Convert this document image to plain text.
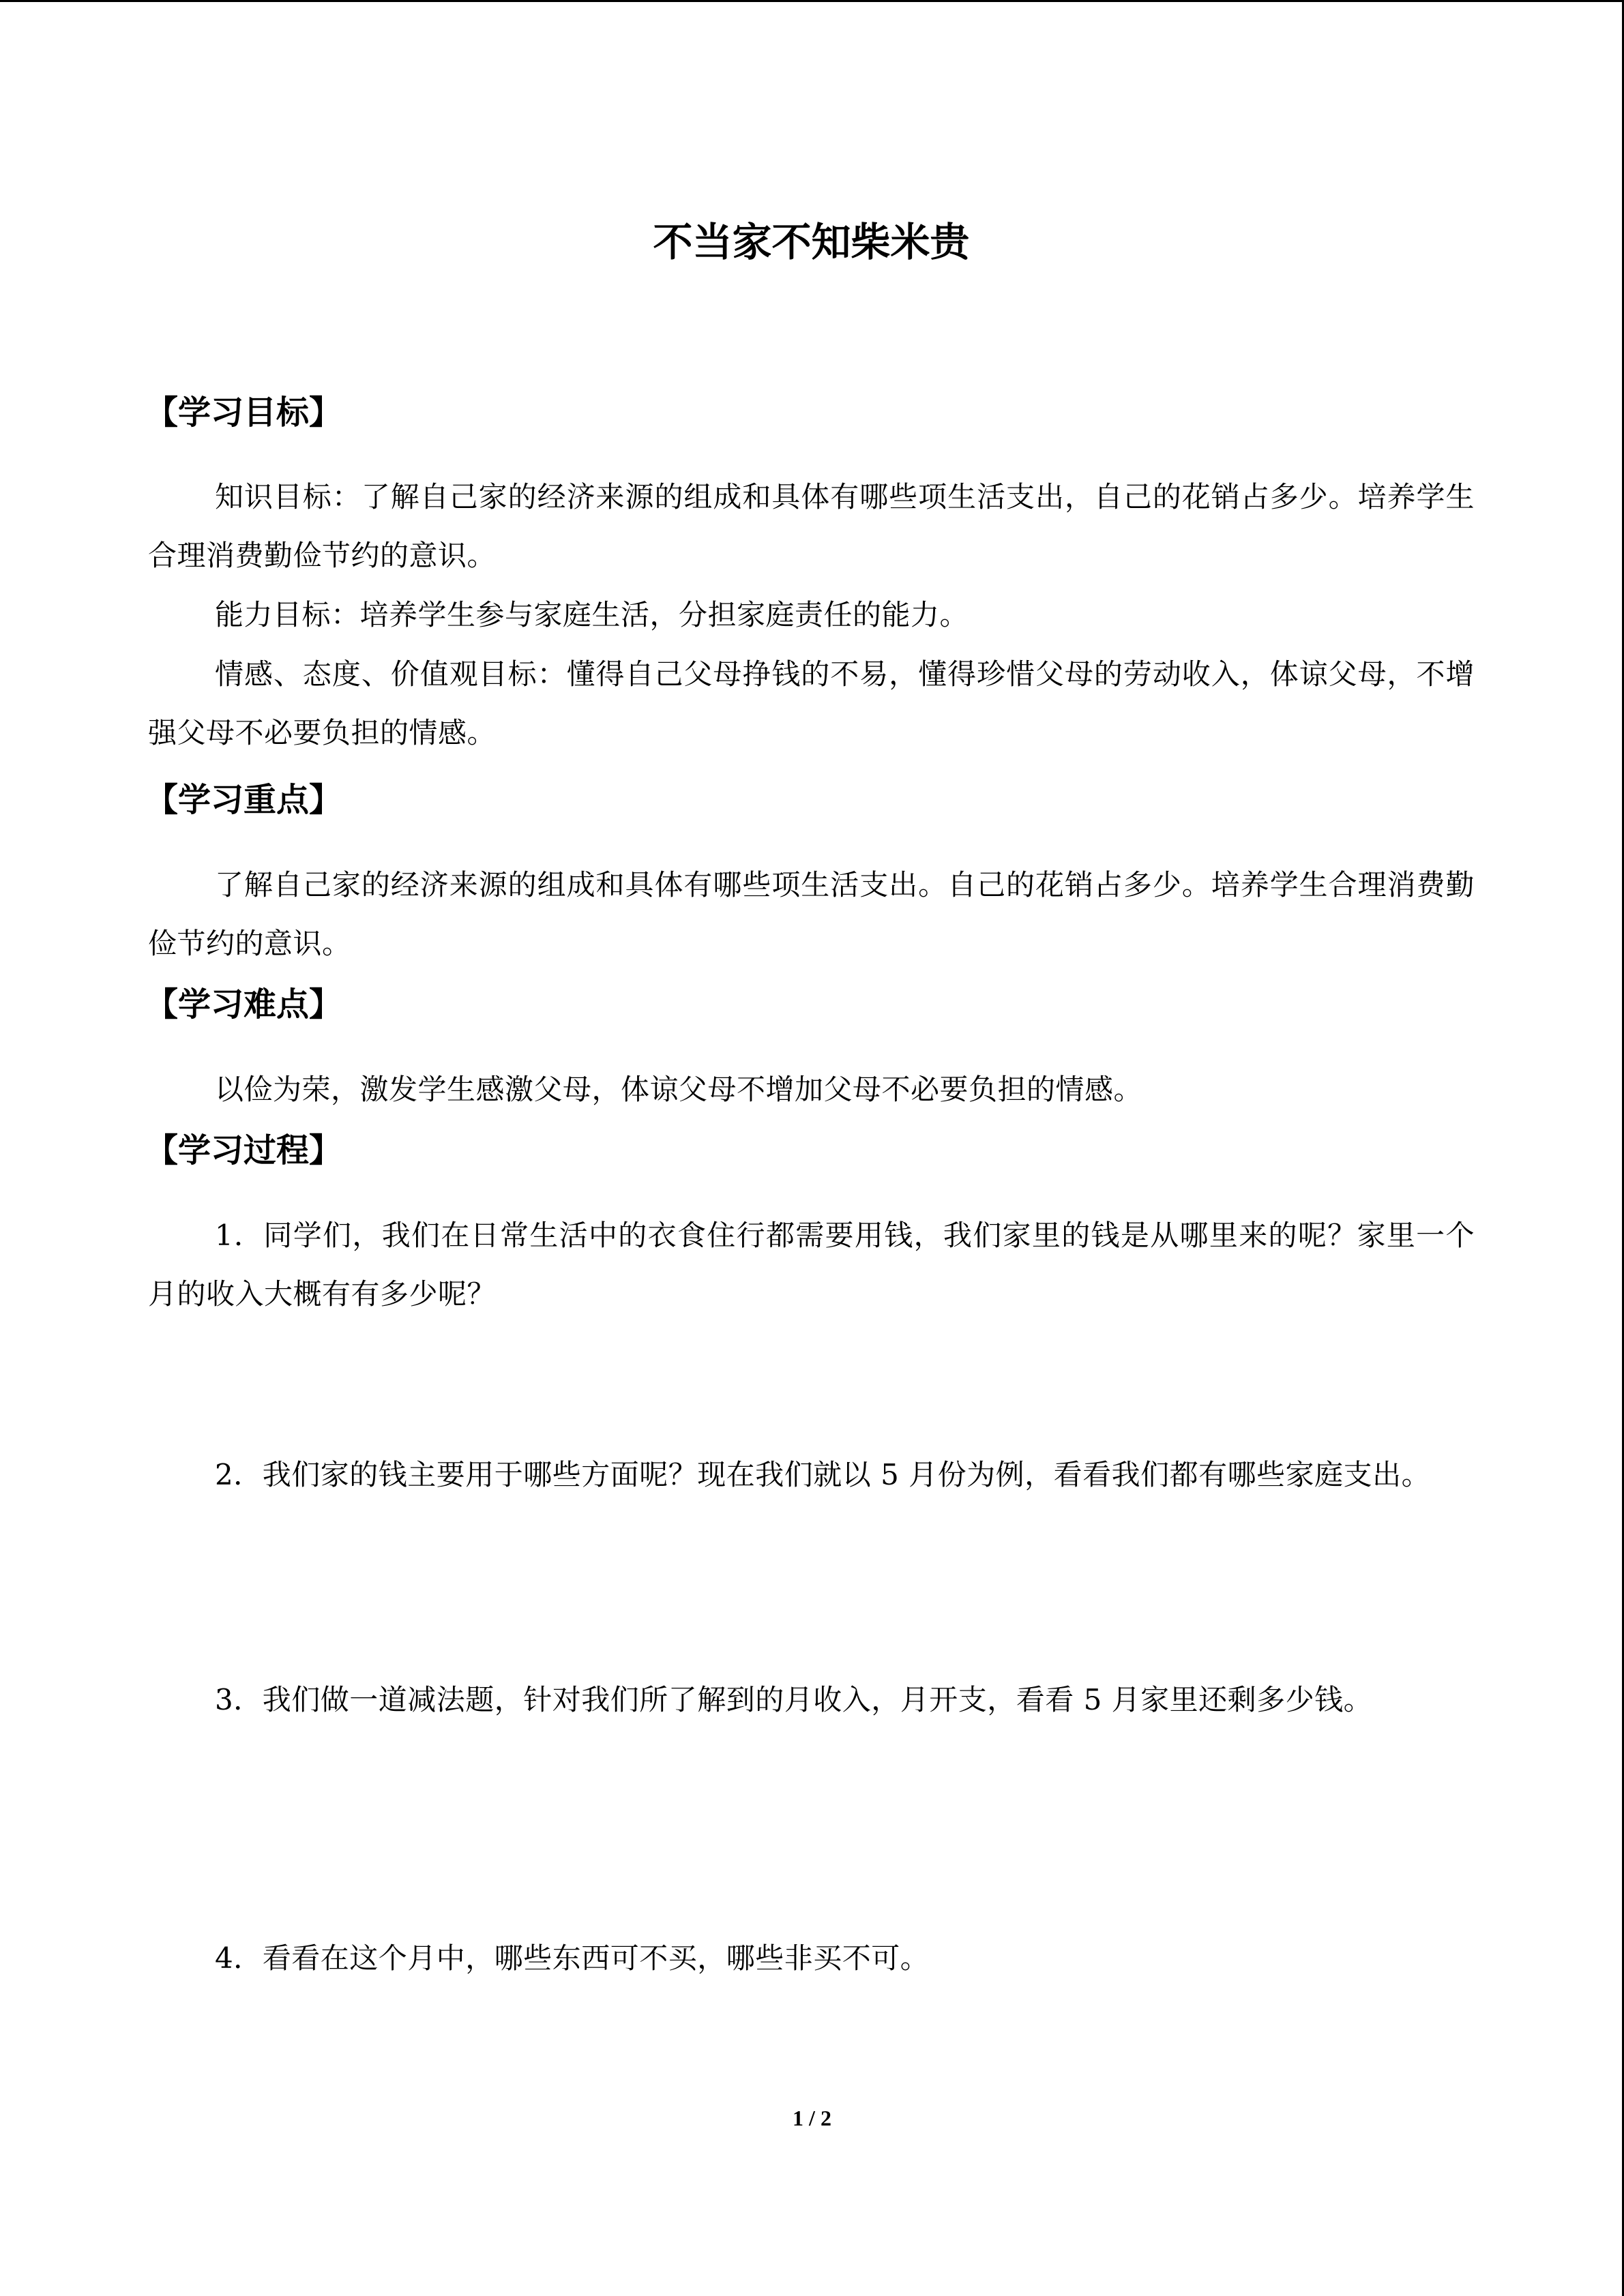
不当家不知柴米贵
【学习目标】

知识目标：了解自己家的经济来源的组成和具体有哪些项生活支出，自己的花销占多少。培养学生合理消费勤俭节约的意识。

能力目标：培养学生参与家庭生活，分担家庭责任的能力。

情感、态度、价值观目标：懂得自己父母挣钱的不易，懂得珍惜父母的劳动收入，体谅父母，不增强父母不必要负担的情感。

【学习重点】

了解自己家的经济来源的组成和具体有哪些项生活支出。自己的花销占多少。培养学生合理消费勤俭节约的意识。

【学习难点】

以俭为荣，激发学生感激父母，体谅父母不增加父母不必要负担的情感。

【学习过程】

1．同学们，我们在日常生活中的衣食住行都需要用钱，我们家里的钱是从哪里来的呢？家里一个月的收入大概有有多少呢？

2．我们家的钱主要用于哪些方面呢？现在我们就以 5 月份为例，看看我们都有哪些家庭支出。

3．我们做一道减法题，针对我们所了解到的月收入，月开支，看看 5 月家里还剩多少钱。

4．看看在这个月中，哪些东西可不买，哪些非买不可。

1 / 2
